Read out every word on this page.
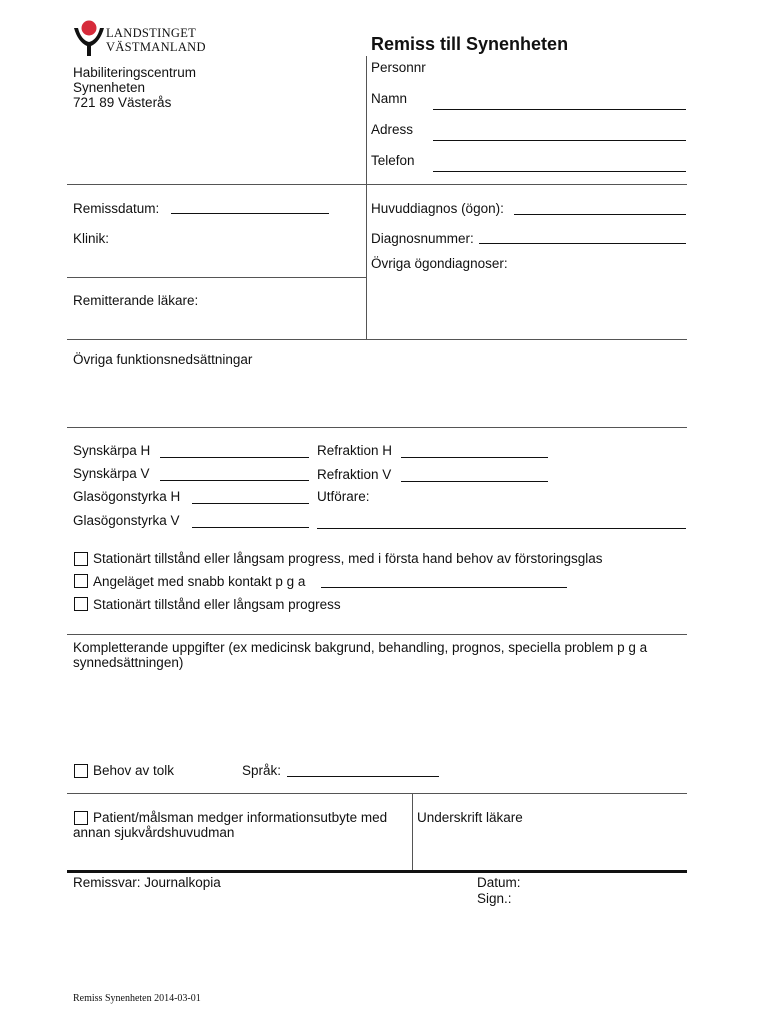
LANDSTINGET
VÄSTMANLAND
Habiliteringscentrum
Synenheten
721 89 Västerås
Remiss till Synenheten
Personnr
Namn
Adress
Telefon
Remissdatum:
Klinik:
Remitterande läkare:
Huvuddiagnos (ögon):
Diagnosnummer:
Övriga ögondiagnoser:
Övriga funktionsnedsättningar
Synskärpa H
Synskärpa V
Glasögonstyrka H
Glasögonstyrka V
Refraktion H
Refraktion V
Utförare:
Stationärt tillstånd eller långsam progress, med i första hand behov av förstoringsglas
Angeläget med snabb kontakt p g a
Stationärt tillstånd eller långsam progress
Kompletterande uppgifter (ex medicinsk bakgrund, behandling, prognos, speciella problem p g a
synnedsättningen)
Behov av tolk	Språk:
Patient/målsman medger informationsutbyte med
annan sjukvårdshuvudman
Underskrift läkare
Remissvar: Journalkopia	Datum:
Sign.:
Remiss Synenheten 2014-03-01
